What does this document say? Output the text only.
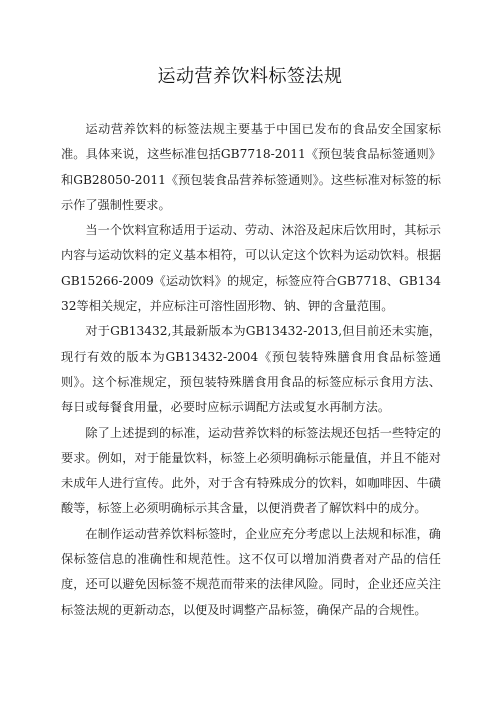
运动营养饮料标签法规

运动营养饮料的标签法规主要基于中国已发布的食品安全国家标准。具体来说，这些标准包括GB7718-2011《预包装食品标签通则》和GB28050-2011《预包装食品营养标签通则》。这些标准对标签的标示作了强制性要求。

当一个饮料宣称适用于运动、劳动、沐浴及起床后饮用时，其标示内容与运动饮料的定义基本相符，可以认定这个饮料为运动饮料。根据GB15266-2009《运动饮料》的规定，标签应符合GB7718、GB13432等相关规定，并应标注可溶性固形物、钠、钾的含量范围。

对于GB13432,其最新版本为GB13432-2013,但目前还未实施，现行有效的版本为GB13432-2004《预包装特殊膳食用食品标签通则》。这个标准规定，预包装特殊膳食用食品的标签应标示食用方法、每日或每餐食用量，必要时应标示调配方法或复水再制方法。

除了上述提到的标准，运动营养饮料的标签法规还包括一些特定的要求。例如，对于能量饮料，标签上必须明确标示能量值，并且不能对未成年人进行宣传。此外，对于含有特殊成分的饮料，如咖啡因、牛磺酸等，标签上必须明确标示其含量，以便消费者了解饮料中的成分。

在制作运动营养饮料标签时，企业应充分考虑以上法规和标准，确保标签信息的准确性和规范性。这不仅可以增加消费者对产品的信任度，还可以避免因标签不规范而带来的法律风险。同时，企业还应关注标签法规的更新动态，以便及时调整产品标签，确保产品的合规性。
